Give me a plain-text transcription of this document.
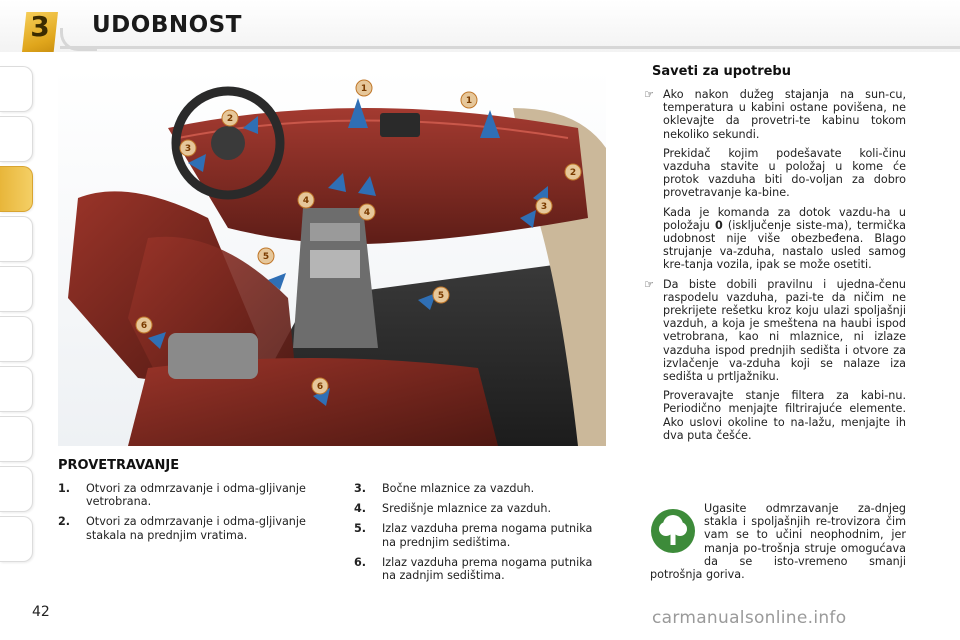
3	UDOBNOST
1
1
2
2
3
3
4
4
5
5
6
6
PROVETRAVANJE
1. Otvori za odmrzavanje i odma-gljivanje vetrobrana.
2. Otvori za odmrzavanje i odma-gljivanje stakala na prednjim vratima.
3. Bočne mlaznice za vazduh.
4. Središnje mlaznice za vazduh.
5. Izlaz vazduha prema nogama putnika na prednjim sedištima.
6. Izlaz vazduha prema nogama putnika na zadnjim sedištima.
Saveti za upotrebu
☞ Ako nakon dužeg stajanja na sun-cu, temperatura u kabini ostane povišena, ne oklevajte da provetri-te kabinu tokom nekoliko sekundi.

Prekidač kojim podešavate koli-činu vazduha stavite u položaj u kome će protok vazduha biti do-voljan za dobro provetravanje ka-bine.

Kada je komanda za dotok vazdu-ha u položaju 0 (isključenje siste-ma), termička udobnost nije više obezbeđena. Blago strujanje va-zduha, nastalo usled samog kre-tanja vozila, ipak se može osetiti.

☞ Da biste dobili pravilnu i ujedna-čenu raspodelu vazduha, pazi-te da ničim ne prekrijete rešetku kroz koju ulazi spoljašnji vazduh, a koja je smeštena na haubi ispod vetrobrana, kao ni mlaznice, ni izlaze vazduha ispod prednjih sedišta i otvore za izvlačenje va-zduha koji se nalaze iza sedišta u prtljažniku.

Proveravajte stanje filtera za kabi-nu. Periodično menjajte filtrirajuće elemente. Ako uslovi okoline to na-lažu, menjajte ih dva puta češće.

Ugasite odmrzavanje za-dnjeg stakla i spoljašnjih re-trovizora čim vam se to učini neophodnim, jer manja po-trošnja struje omogućava da se isto-vremeno smanji potrošnja goriva.
42	carmanualsonline.info
